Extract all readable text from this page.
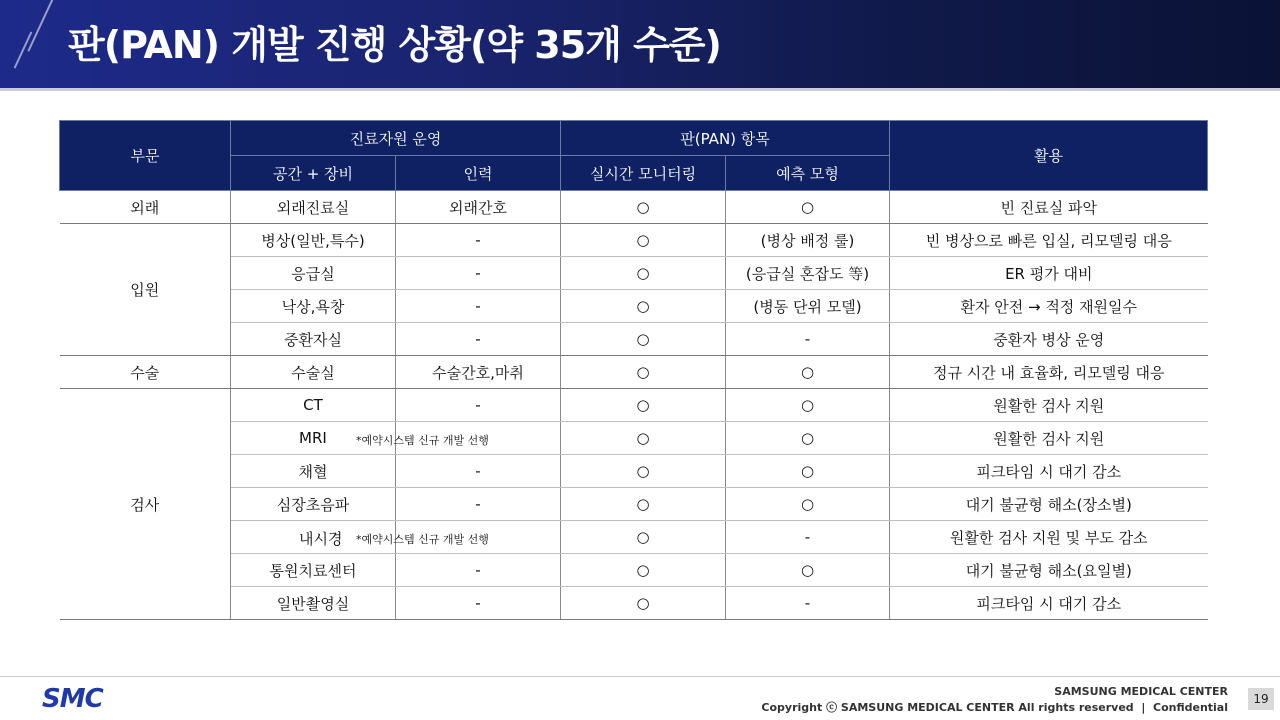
판(PAN) 개발 진행 상황(약 35개 수준)
부문	진료자원 운영		판(PAN) 항목		활용
	공간 + 장비	인력	실시간 모니터링	예측 모형	
외래	외래진료실	외래간호	○	○	빈 진료실 파악
입원	병상(일반,특수)	-	○	(병상 배정 룰)	빈 병상으로 빠른 입실, 리모델링 대응
	응급실	-	○	(응급실 혼잡도 等)	ER 평가 대비
	낙상,욕창	-	○	(병동 단위 모델)	환자 안전 → 적정 재원일수
	중환자실	-	○	-	중환자 병상 운영
수술	수술실	수술간호,마취	○	○	정규 시간 내 효율화, 리모델링 대응
검사	CT	-	○	○	원활한 검사 지원

	MRI *예약시스템 신규 개발 선행		○	○	원활한 검사 지원
	채혈	-	○	○	피크타임 시 대기 감소
	심장초음파	-	○	○	대기 불균형 해소(장소별)

	내시경 *예약시스템 신규 개발 선행		○	-	원활한 검사 지원 및 부도 감소
	통원치료센터	-	○	○	대기 불균형 해소(요일별)
	일반촬영실	-	○	-	피크타임 시 대기 감소
SMC	SAMSUNG MEDICAL CENTER
Copyright ⓒ SAMSUNG MEDICAL CENTER All rights reserved  |  Confidential
19
